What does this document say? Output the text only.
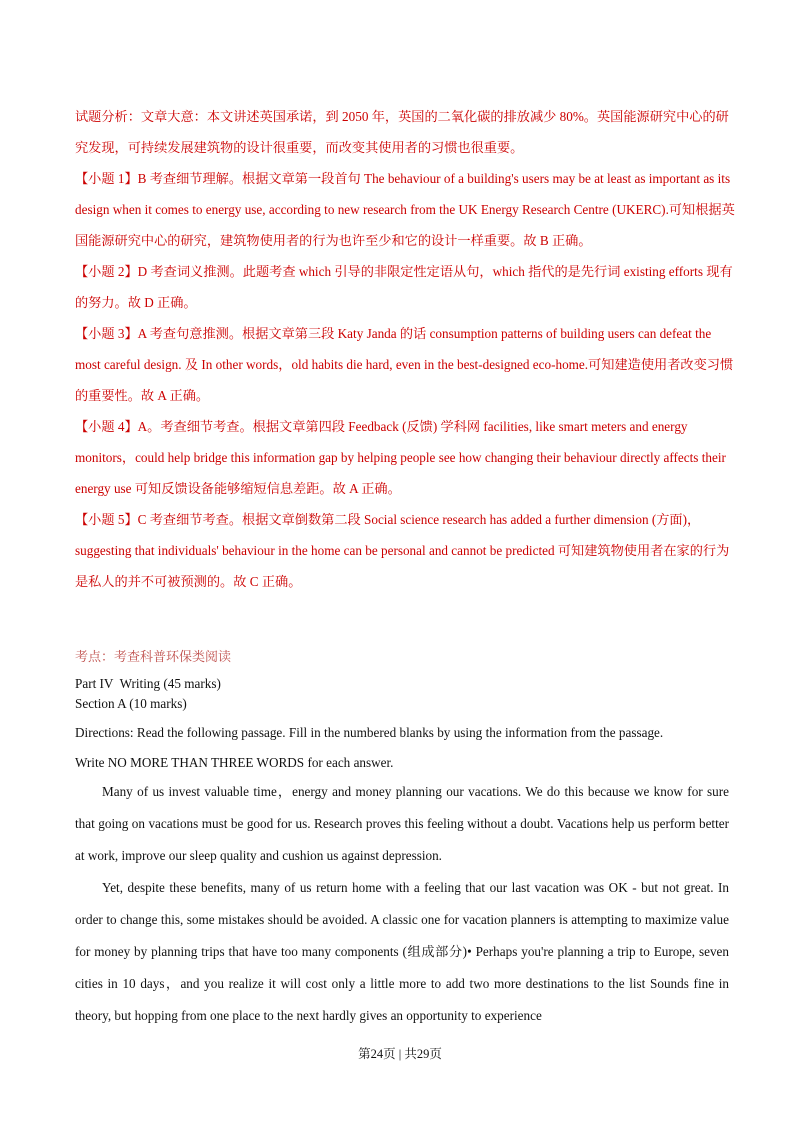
试题分析：文章大意：本文讲述英国承诺，到 2050 年，英国的二氧化碳的排放减少 80%。英国能源研究中心的研究发现，可持续发展建筑物的设计很重要，而改变其使用者的习惯也很重要。

【小题 1】B 考查细节理解。根据文章第一段首句 The behaviour of a building's users may be at least as important as its design when it comes to energy use, according to new research from the UK Energy Research Centre (UKERC).可知根据英国能源研究中心的研究，建筑物使用者的行为也许至少和它的设计一样重要。故 B 正确。

【小题 2】D 考查词义推测。此题考查 which 引导的非限定性定语从句，which 指代的是先行词 existing efforts 现有的努力。故 D 正确。

【小题 3】A 考查句意推测。根据文章第三段 Katy Janda 的话 consumption patterns of building users can defeat the most careful design. 及 In other words，old habits die hard, even in the best-designed eco-home.可知建造使用者改变习惯的重要性。故 A 正确。

【小题 4】A。考查细节考查。根据文章第四段 Feedback (反馈) 学科网 facilities, like smart meters and energy monitors，could help bridge this information gap by helping people see how changing their behaviour directly affects their energy use 可知反馈设备能够缩短信息差距。故 A 正确。

【小题 5】C 考查细节考查。根据文章倒数第二段 Social science research has added a further dimension (方面)，suggesting that individuals' behaviour in the home can be personal and cannot be predicted 可知建筑物使用者在家的行为是私人的并不可被预测的。故 C 正确。

考点：考查科普环保类阅读
Part IV  Writing (45 marks)
Section A (10 marks)
Directions: Read the following passage. Fill in the numbered blanks by using the information from the passage.
Write NO MORE THAN THREE WORDS for each answer.

Many of us invest valuable time，energy and money planning our vacations. We do this because we know for sure that going on vacations must be good for us. Research proves this feeling without a doubt. Vacations help us perform better at work, improve our sleep quality and cushion us against depression.

Yet, despite these benefits, many of us return home with a feeling that our last vacation was OK - but not great. In order to change this, some mistakes should be avoided. A classic one for vacation planners is attempting to maximize value for money by planning trips that have too many components (组成部分)• Perhaps you're planning a trip to Europe, seven cities in 10 days，and you realize it will cost only a little more to add two more destinations to the list Sounds fine in theory, but hopping from one place to the next hardly gives an opportunity to experience

第24页 | 共29页
